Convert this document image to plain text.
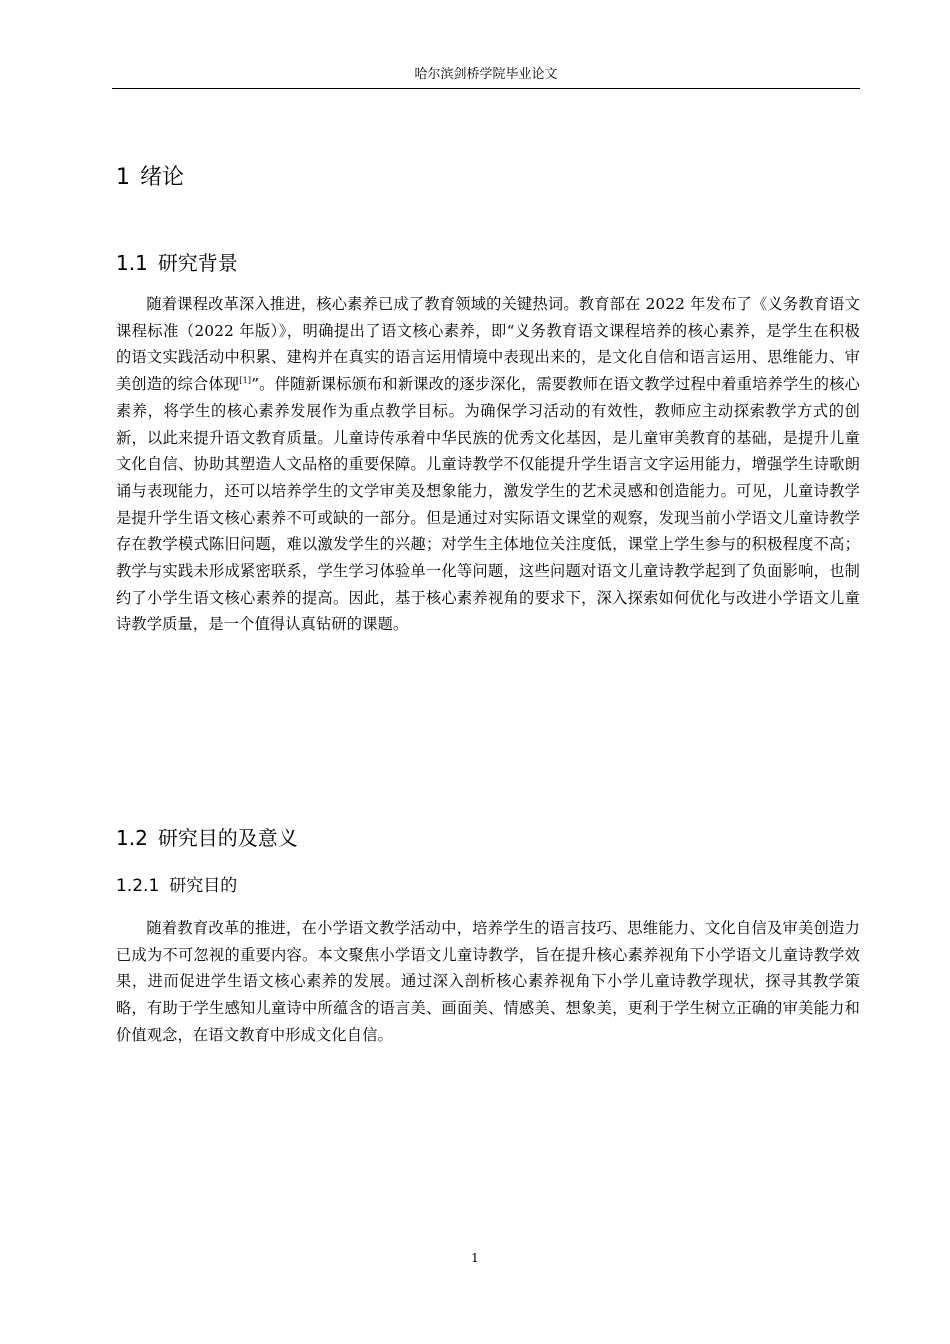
哈尔滨剑桥学院毕业论文
1 绪论
1.1 研究背景

随着课程改革深入推进，核心素养已成了教育领域的关键热词。教育部在 2022 年发布了《义务教育语文课程标准（2022 年版）》，明确提出了语文核心素养，即“义务教育语文课程培养的核心素养，是学生在积极的语文实践活动中积累、建构并在真实的语言运用情境中表现出来的，是文化自信和语言运用、思维能力、审美创造的综合体现[1]”。伴随新课标颁布和新课改的逐步深化，需要教师在语文教学过程中着重培养学生的核心素养，将学生的核心素养发展作为重点教学目标。为确保学习活动的有效性，教师应主动探索教学方式的创新，以此来提升语文教育质量。儿童诗传承着中华民族的优秀文化基因，是儿童审美教育的基础，是提升儿童文化自信、协助其塑造人文品格的重要保障。儿童诗教学不仅能提升学生语言文字运用能力，增强学生诗歌朗诵与表现能力，还可以培养学生的文学审美及想象能力，激发学生的艺术灵感和创造能力。可见，儿童诗教学是提升学生语文核心素养不可或缺的一部分。但是通过对实际语文课堂的观察，发现当前小学语文儿童诗教学存在教学模式陈旧问题，难以激发学生的兴趣；对学生主体地位关注度低，课堂上学生参与的积极程度不高；教学与实践未形成紧密联系，学生学习体验单一化等问题，这些问题对语文儿童诗教学起到了负面影响，也制约了小学生语文核心素养的提高。因此，基于核心素养视角的要求下，深入探索如何优化与改进小学语文儿童诗教学质量，是一个值得认真钻研的课题。

1.2 研究目的及意义
1.2.1 研究目的

随着教育改革的推进，在小学语文教学活动中，培养学生的语言技巧、思维能力、文化自信及审美创造力已成为不可忽视的重要内容。本文聚焦小学语文儿童诗教学，旨在提升核心素养视角下小学语文儿童诗教学效果，进而促进学生语文核心素养的发展。通过深入剖析核心素养视角下小学儿童诗教学现状，探寻其教学策略，有助于学生感知儿童诗中所蕴含的语言美、画面美、情感美、想象美，更利于学生树立正确的审美能力和价值观念，在语文教育中形成文化自信。

1
